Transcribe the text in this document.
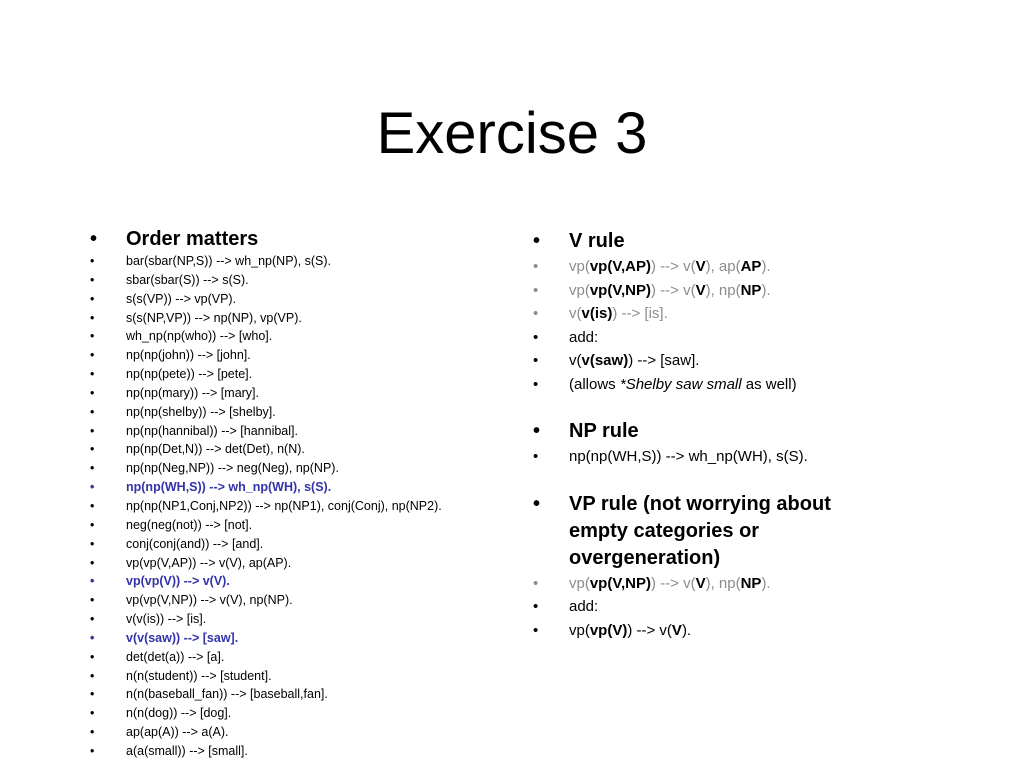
Exercise 3
• Order matters
•	bar(sbar(NP,S)) --> wh_np(NP), s(S).
•	sbar(sbar(S)) --> s(S).
•	s(s(VP)) --> vp(VP).
•	s(s(NP,VP)) --> np(NP), vp(VP).
•	wh_np(np(who)) --> [who].
•	np(np(john)) --> [john].
•	np(np(pete)) --> [pete].
•	np(np(mary)) --> [mary].
•	np(np(shelby)) --> [shelby].
•	np(np(hannibal)) --> [hannibal].
•	np(np(Det,N)) --> det(Det), n(N).
•	np(np(Neg,NP)) --> neg(Neg), np(NP).
•	np(np(WH,S)) --> wh_np(WH), s(S).
•	np(np(NP1,Conj,NP2)) --> np(NP1), conj(Conj), np(NP2).
•	neg(neg(not)) --> [not].
•	conj(conj(and)) --> [and].
•	vp(vp(V,AP)) --> v(V), ap(AP).
•	vp(vp(V)) --> v(V).
•	vp(vp(V,NP)) --> v(V), np(NP).
•	v(v(is)) --> [is].
•	v(v(saw)) --> [saw].
•	det(det(a)) --> [a].
•	n(n(student)) --> [student].
•	n(n(baseball_fan)) --> [baseball,fan].
•	n(n(dog)) --> [dog].
•	ap(ap(A)) --> a(A).
•	a(a(small)) --> [small].
• V rule
• vp(vp(V,AP)) --> v(V), ap(AP).
• vp(vp(V,NP)) --> v(V), np(NP).
• v(v(is)) --> [is].
• add:
• v(v(saw)) --> [saw].
• (allows *Shelby saw small as well)
• NP rule
• np(np(WH,S)) --> wh_np(WH), s(S).
• VP rule (not worrying about empty categories or overgeneration)
• vp(vp(V,NP)) --> v(V), np(NP).
• add:
• vp(vp(V)) --> v(V).
